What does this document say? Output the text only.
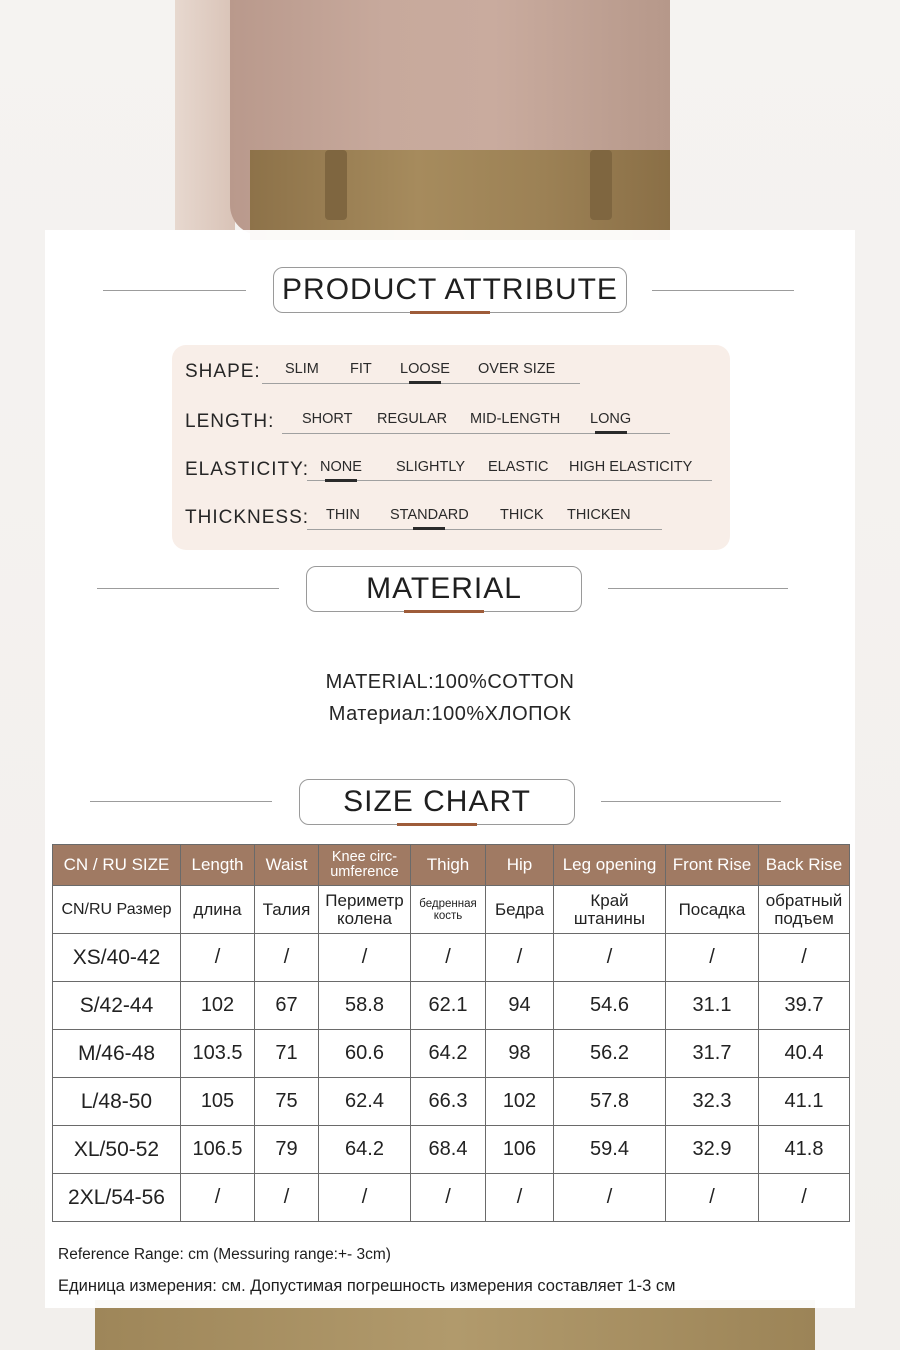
PRODUCT ATTRIBUTE
SHAPE: SLIM FIT LOOSE OVER SIZE
LENGTH: SHORT REGULAR MID-LENGTH LONG
ELASTICITY: NONE SLIGHTLY ELASTIC HIGH ELASTICITY
THICKNESS: THIN STANDARD THICK THICKEN
MATERIAL
MATERIAL:100%COTTON
Материал:100%ХЛОПОК
SIZE CHART
CN / RU SIZE	Length	Waist	Knee circ-umference	Thigh	Hip	Leg opening	Front Rise	Back Rise
CN/RU Размер	длина	Талия	Периметр колена	бедренная кость	Бедра	Край штанины	Посадка	обратный подъем
XS/40-42	/	/	/	/	/	/	/	/
S/42-44	102	67	58.8	62.1	94	54.6	31.1	39.7
M/46-48	103.5	71	60.6	64.2	98	56.2	31.7	40.4
L/48-50	105	75	62.4	66.3	102	57.8	32.3	41.1
XL/50-52	106.5	79	64.2	68.4	106	59.4	32.9	41.8
2XL/54-56	/	/	/	/	/	/	/	/
Reference Range: cm (Messuring range:+- 3cm)
Единица измерения: см. Допустимая погрешность измерения составляет 1-3 см
